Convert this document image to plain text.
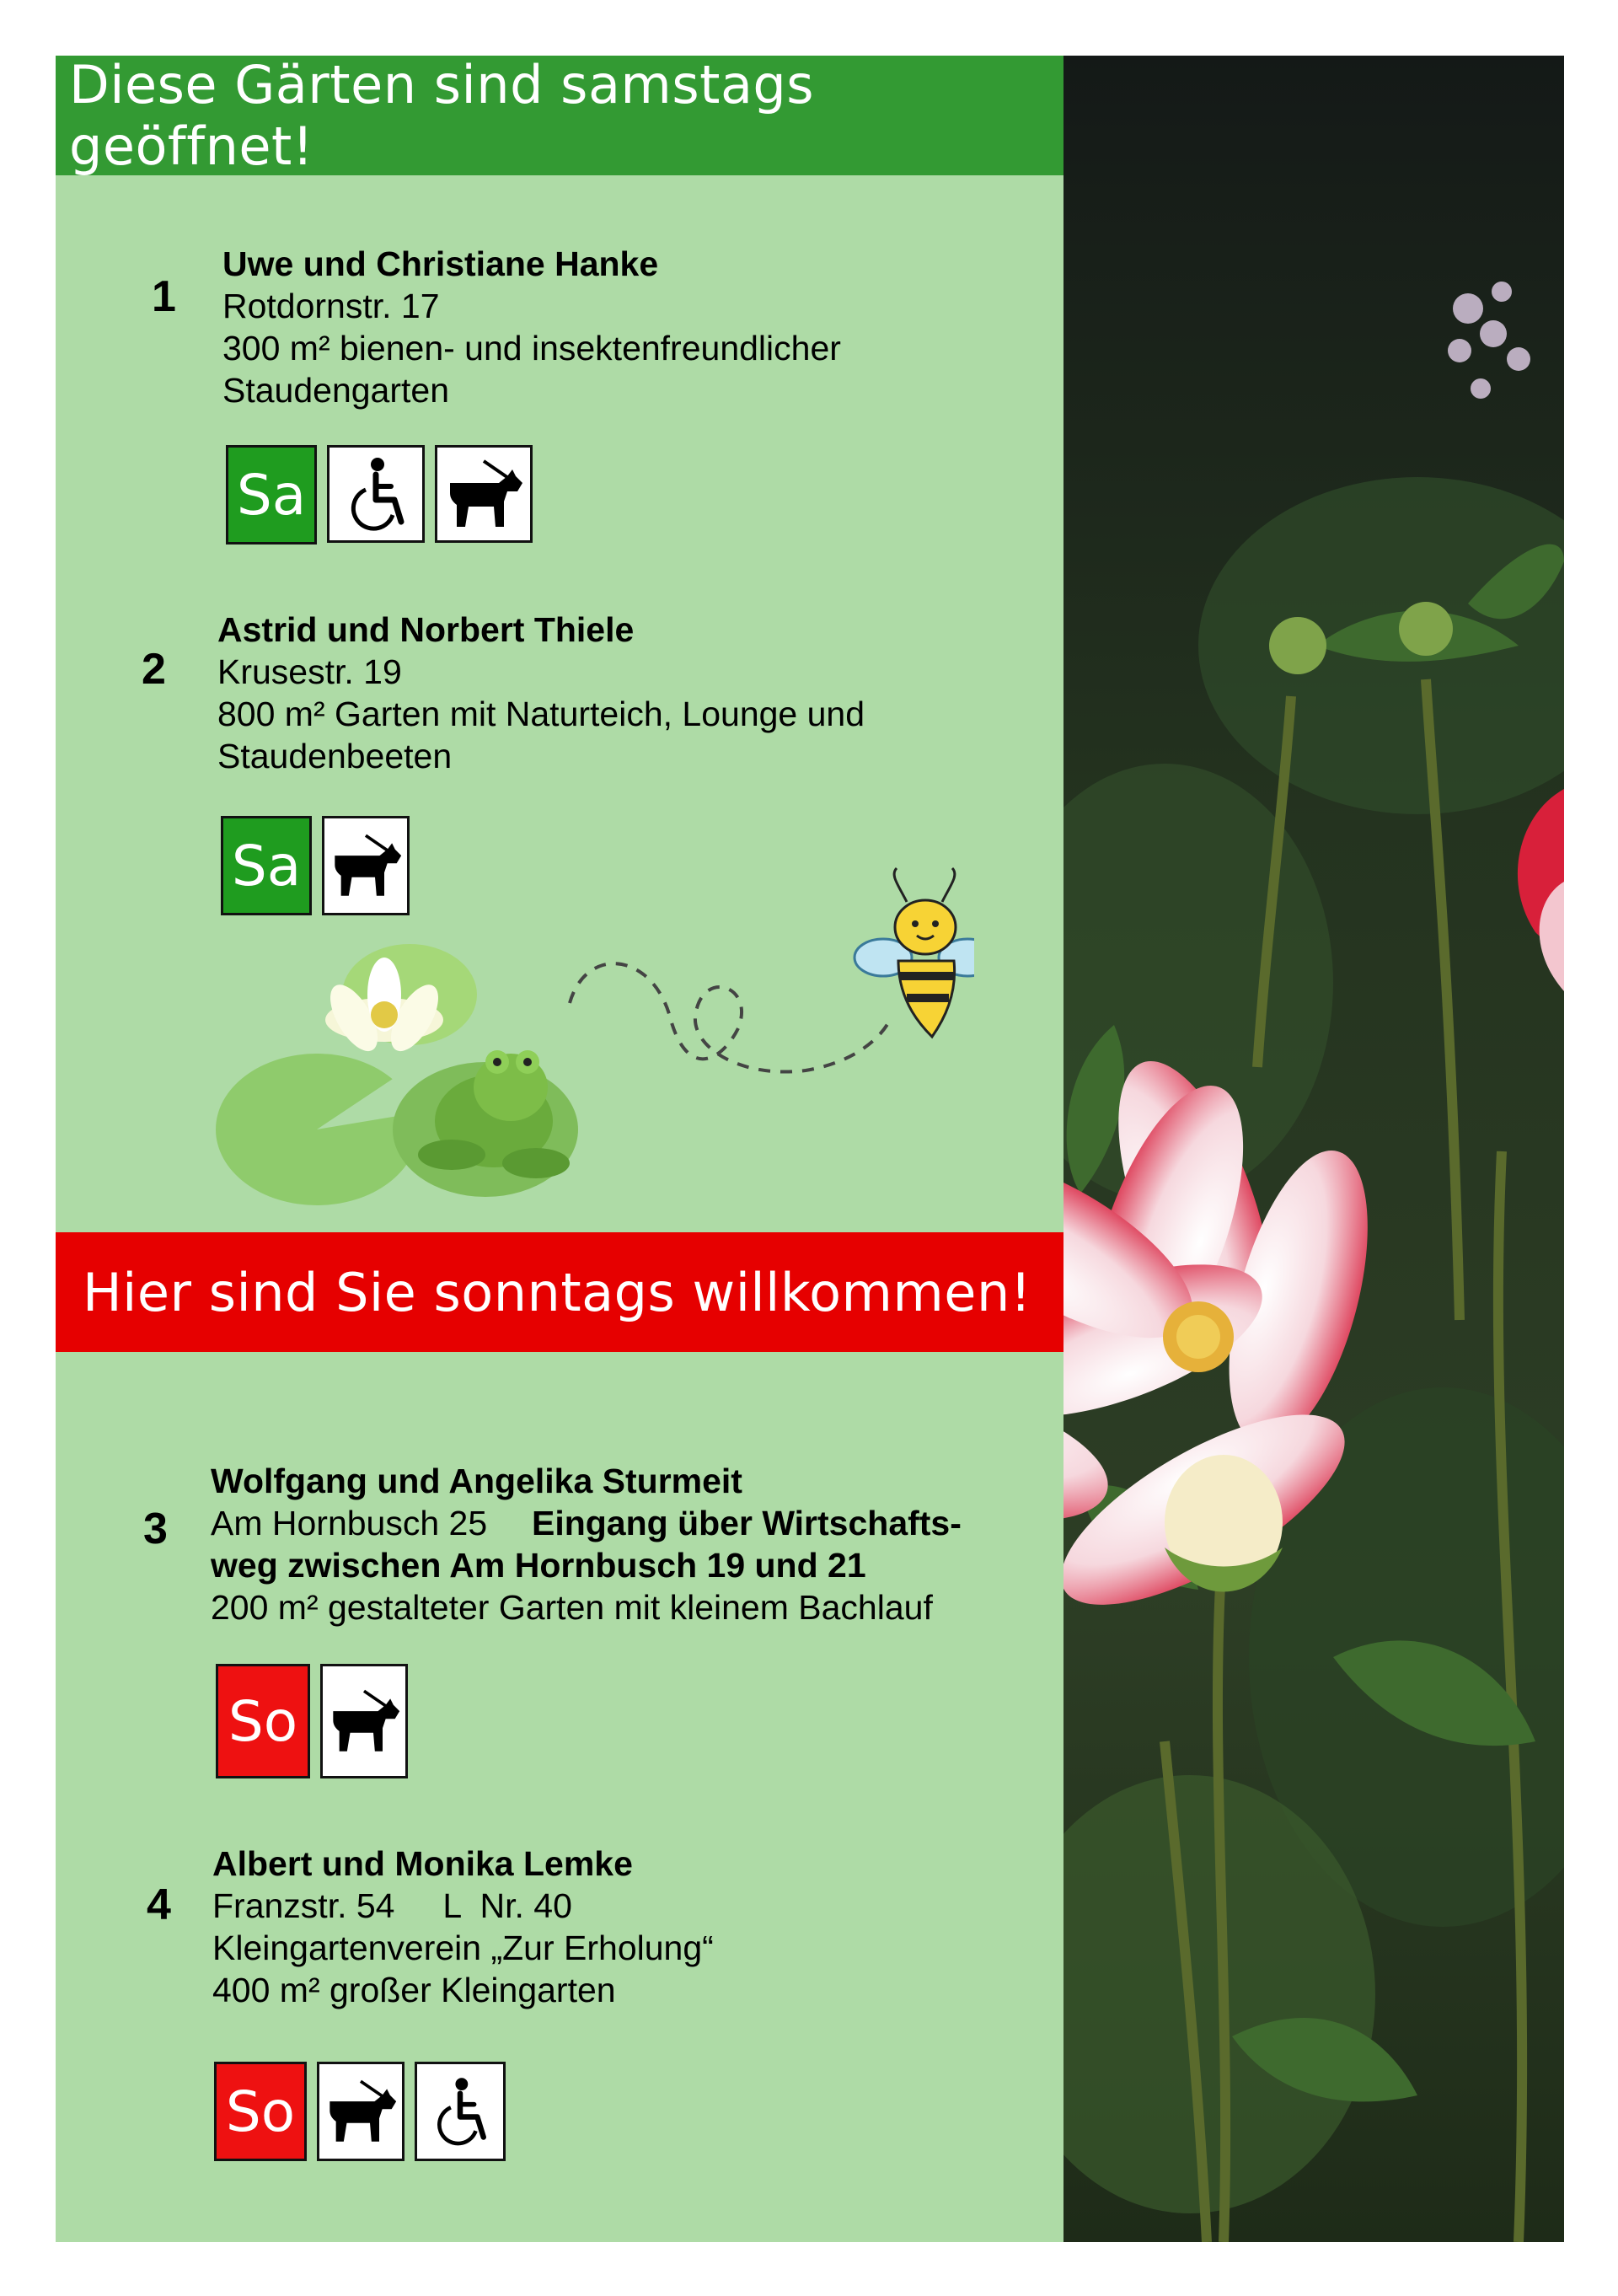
Diese Gärten sind samstags geöffnet!
1
Uwe und Christiane Hanke
Rotdornstr. 17
300 m² bienen- und insektenfreundlicher
Staudengarten
Sa
2
Astrid und Norbert Thiele
Krusestr. 19
800 m² Garten mit Naturteich, Lounge und
Staudenbeeten
Sa
Hier sind Sie sonntags willkommen!
3
Wolfgang und Angelika Sturmeit
Am Hornbusch 25 Eingang über Wirtschafts-
weg zwischen Am Hornbusch 19 und 21
200 m² gestalteter Garten mit kleinem Bachlauf
So
4
Albert und Monika Lemke
Franzstr. 54     L  Nr. 40
Kleingartenverein „Zur Erholung“
400 m² großer Kleingarten
So
